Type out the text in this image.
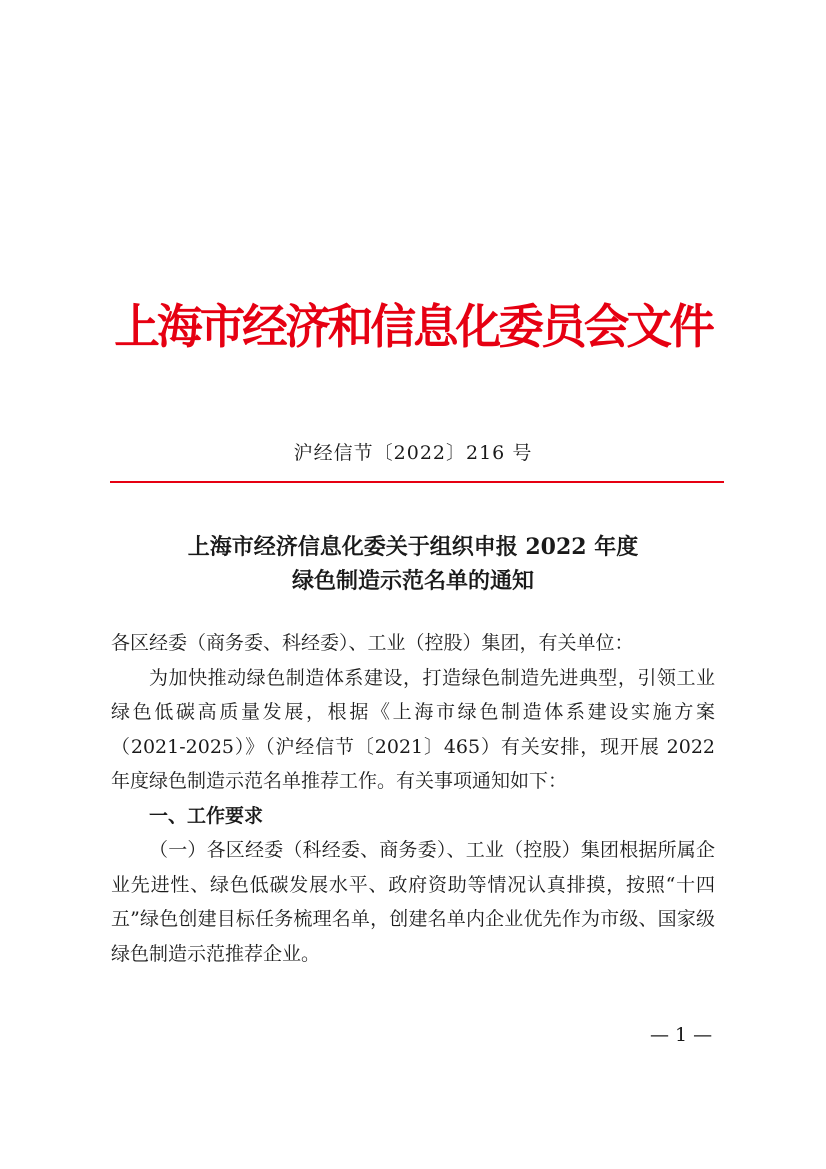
上海市经济和信息化委员会文件
沪经信节〔2022〕216 号
上海市经济信息化委关于组织申报 2022 年度
绿色制造示范名单的通知

各区经委（商务委、科经委）、工业（控股）集团，有关单位：

为加快推动绿色制造体系建设，打造绿色制造先进典型，引领工业绿色低碳高质量发展，根据《上海市绿色制造体系建设实施方案（2021-2025）》（沪经信节〔2021〕465）有关安排，现开展 2022 年度绿色制造示范名单推荐工作。有关事项通知如下：

一、工作要求

（一）各区经委（科经委、商务委）、工业（控股）集团根据所属企业先进性、绿色低碳发展水平、政府资助等情况认真排摸，按照“十四五”绿色创建目标任务梳理名单，创建名单内企业优先作为市级、国家级绿色制造示范推荐企业。

— 1 —
